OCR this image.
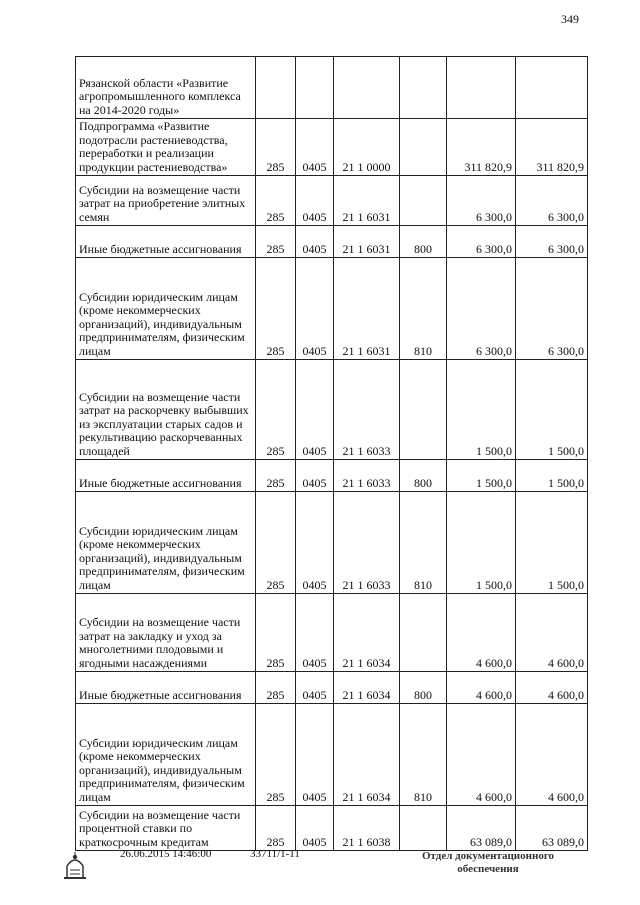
349
Рязанской области «Развитие агропромышленного комплекса на 2014-2020 годы»						
Подпрограмма «Развитие подотрасли растениеводства, переработки и реализации продукции растениеводства»	285	0405	21 1 0000		311 820,9	311 820,9
Субсидии на возмещение части затрат на приобретение элитных семян	285	0405	21 1 6031		6 300,0	6 300,0
Иные бюджетные ассигнования	285	0405	21 1 6031	800	6 300,0	6 300,0
Субсидии юридическим лицам (кроме некоммерческих организаций), индивидуальным предпринимателям, физическим лицам	285	0405	21 1 6031	810	6 300,0	6 300,0
Субсидии на возмещение части затрат на раскорчевку выбывших из эксплуатации старых садов и рекультивацию раскорчеванных площадей	285	0405	21 1 6033		1 500,0	1 500,0
Иные бюджетные ассигнования	285	0405	21 1 6033	800	1 500,0	1 500,0
Субсидии юридическим лицам (кроме некоммерческих организаций), индивидуальным предпринимателям, физическим лицам	285	0405	21 1 6033	810	1 500,0	1 500,0
Субсидии на возмещение части затрат на закладку и уход за многолетними плодовыми и ягодными насаждениями	285	0405	21 1 6034		4 600,0	4 600,0
Иные бюджетные ассигнования	285	0405	21 1 6034	800	4 600,0	4 600,0
Субсидии юридическим лицам (кроме некоммерческих организаций), индивидуальным предпринимателям, физическим лицам	285	0405	21 1 6034	810	4 600,0	4 600,0
Субсидии на возмещение части процентной ставки по краткосрочным кредитам	285	0405	21 1 6038		63 089,0	63 089,0
26.06.2015 14:46:00	33711/1-11	Отдел документационного обеспечения
